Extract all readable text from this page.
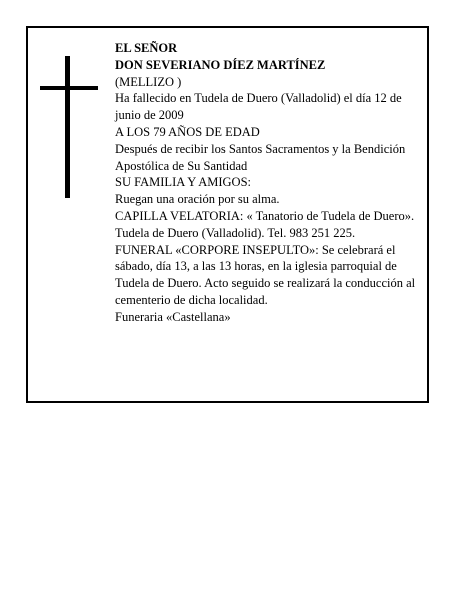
EL SEÑOR

DON SEVERIANO DÍEZ MARTÍNEZ

(MELLIZO )

Ha fallecido en Tudela de Duero (Valladolid) el día 12 de junio de 2009

A LOS 79 AÑOS DE EDAD

Después de recibir los Santos Sacramentos y la Bendición Apostólica de Su Santidad

SU FAMILIA Y AMIGOS:

Ruegan una oración por su alma.

CAPILLA VELATORIA: « Tanatorio de Tudela de Duero». Tudela de Duero (Valladolid). Tel. 983 251 225.

FUNERAL «CORPORE INSEPULTO»: Se celebrará el sábado, día 13, a las 13 horas, en la iglesia parroquial de Tudela de Duero. Acto seguido se realizará la conducción al cementerio de dicha localidad.

Funeraria «Castellana»
